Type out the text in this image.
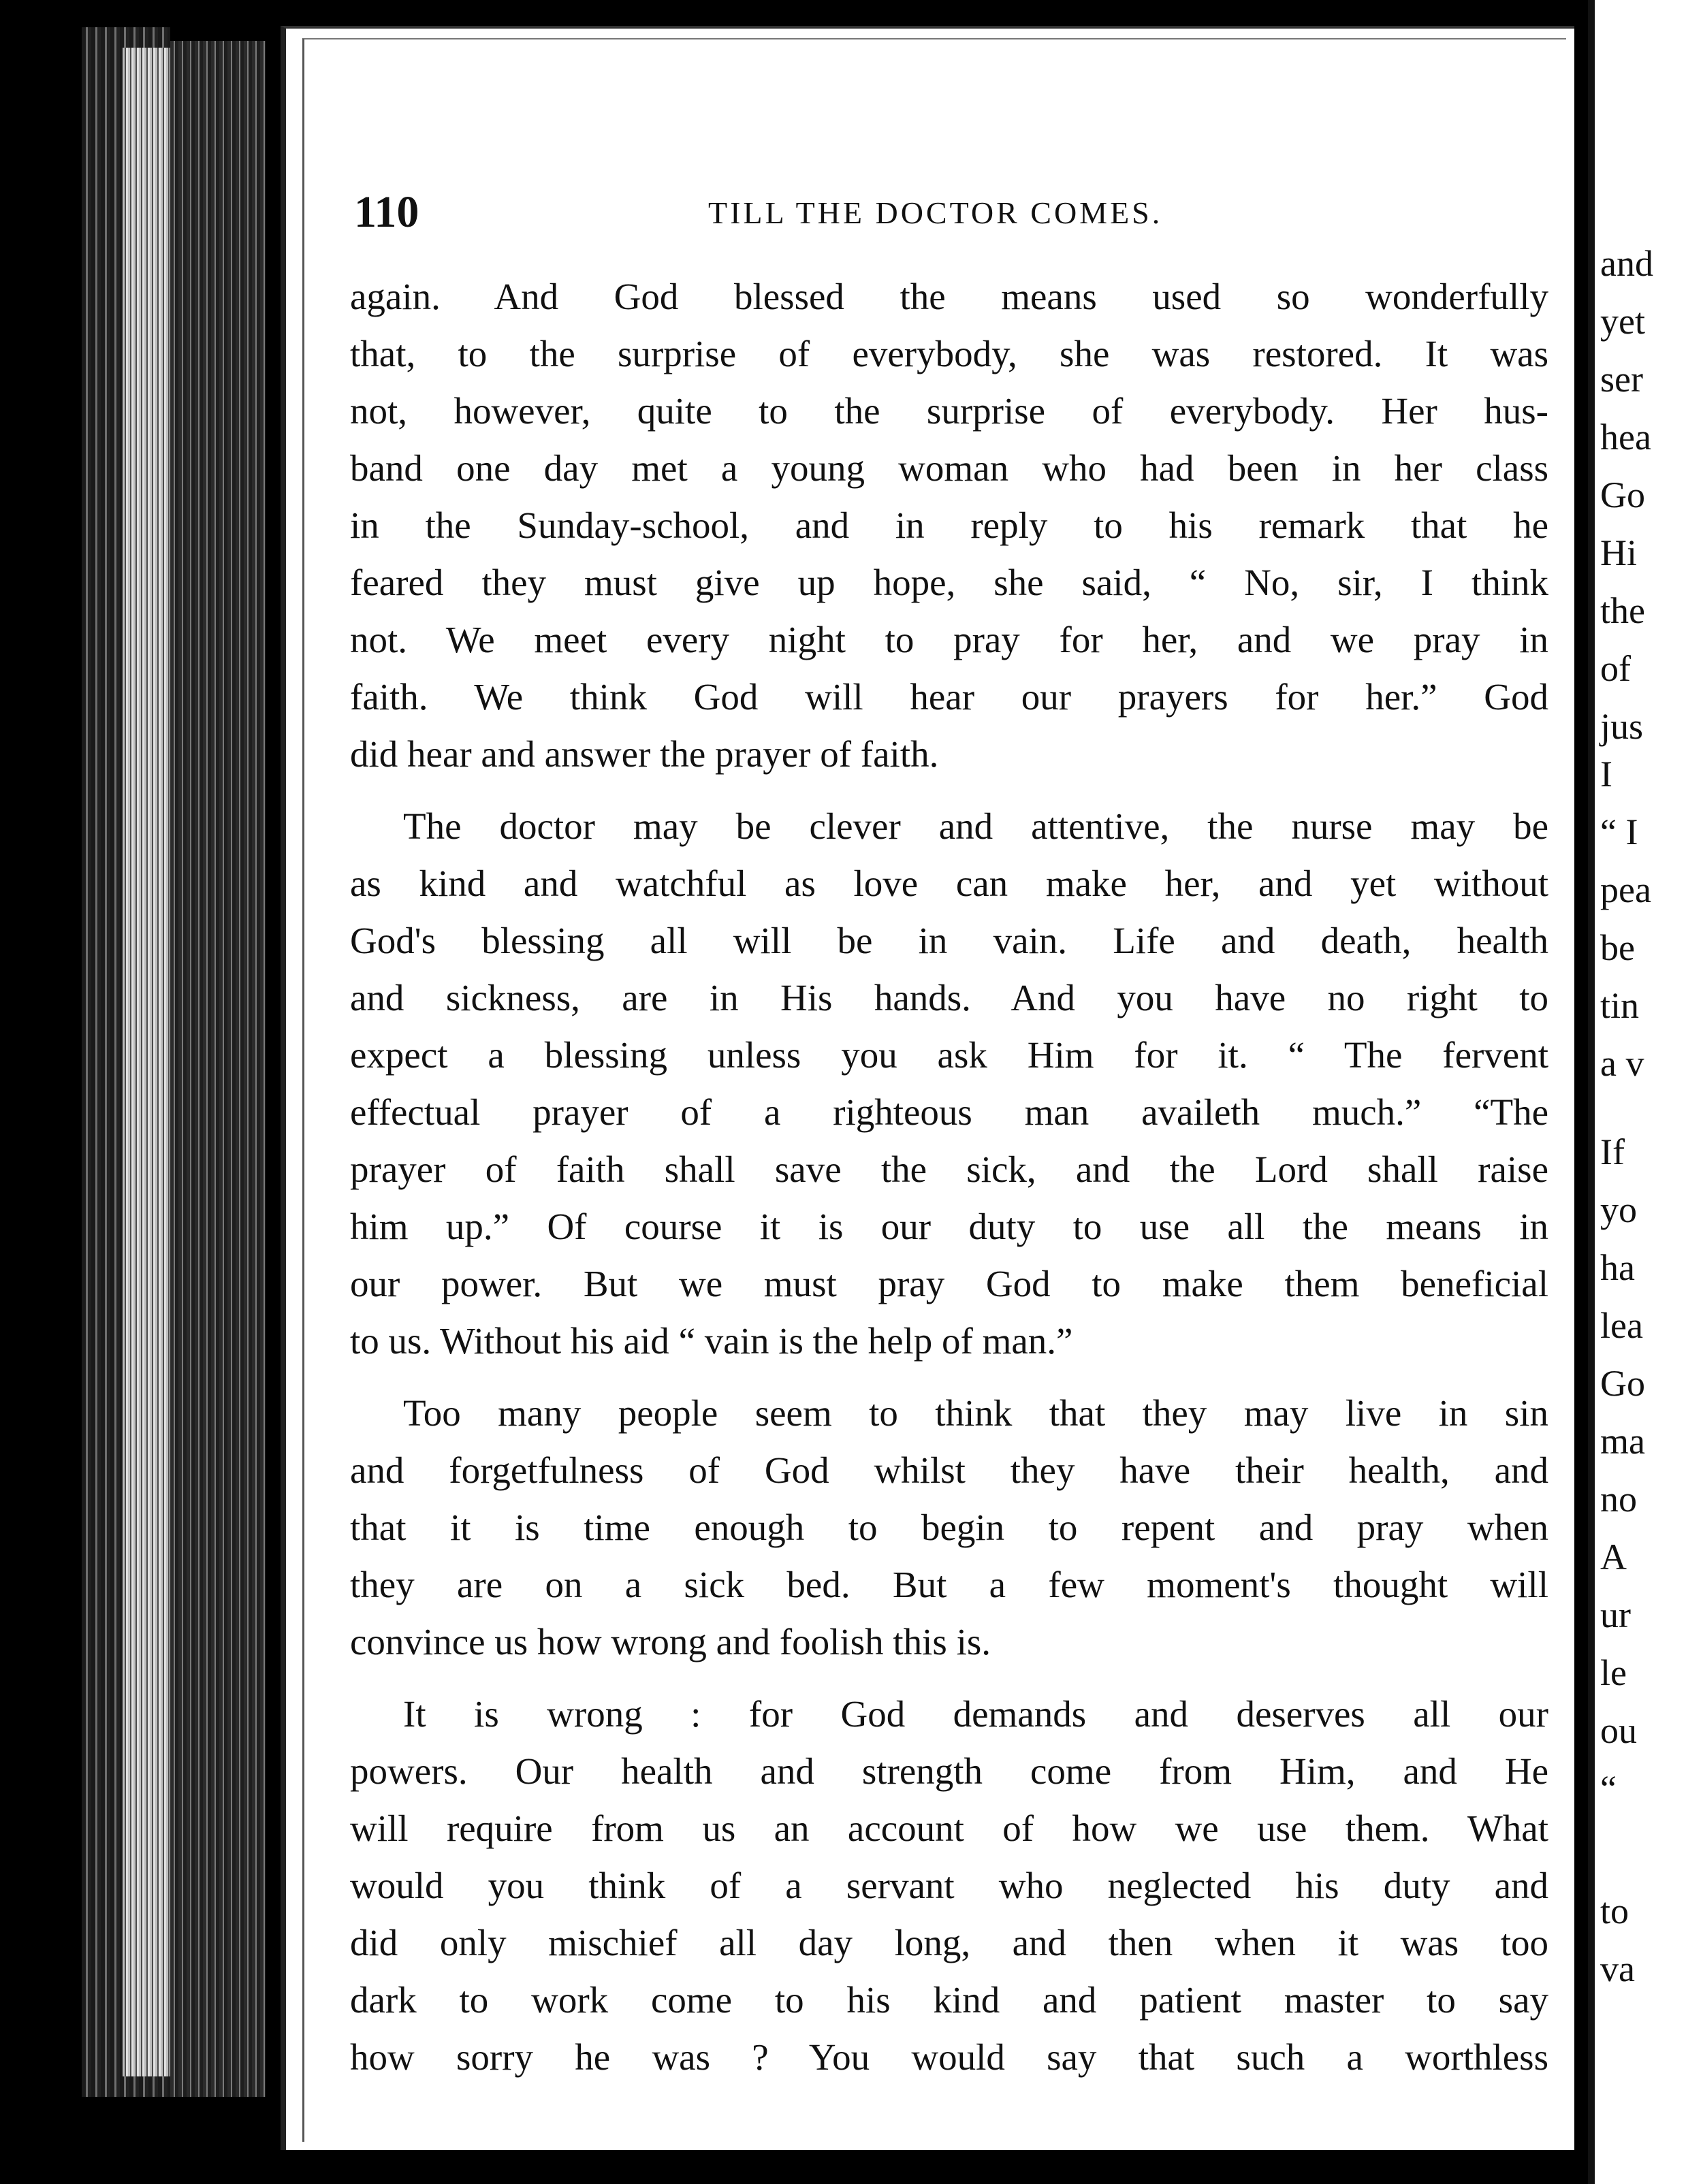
110	TILL THE DOCTOR COMES.
again. And God blessed the means used so wonderfully
that, to the surprise of everybody, she was restored. It was
not, however, quite to the surprise of everybody. Her hus-
band one day met a young woman who had been in her class
in the Sunday-school, and in reply to his remark that he
feared they must give up hope, she said, “ No, sir, I think
not. We meet every night to pray for her, and we pray in
faith. We think God will hear our prayers for her.” God
did hear and answer the prayer of faith.
The doctor may be clever and attentive, the nurse may be
as kind and watchful as love can make her, and yet without
God's blessing all will be in vain. Life and death, health
and sickness, are in His hands. And you have no right to
expect a blessing unless you ask Him for it. “ The fervent
effectual prayer of a righteous man availeth much.” “The
prayer of faith shall save the sick, and the Lord shall raise
him up.” Of course it is our duty to use all the means in
our power. But we must pray God to make them beneficial
to us. Without his aid “ vain is the help of man.”
Too many people seem to think that they may live in sin
and forgetfulness of God whilst they have their health, and
that it is time enough to begin to repent and pray when
they are on a sick bed. But a few moment's thought will
convince us how wrong and foolish this is.
It is wrong : for God demands and deserves all our
powers. Our health and strength come from Him, and He
will require from us an account of how we use them. What
would you think of a servant who neglected his duty and
did only mischief all day long, and then when it was too
dark to work come to his kind and patient master to say
how sorry he was ? You would say that such a worthless
and
yet
ser
hea
Go
Hi
the
of
jus
I
“ I
pea
be
tin
a v
If
yo
ha
lea
Go
ma
no
A
ur
le
ou
“
to
va
